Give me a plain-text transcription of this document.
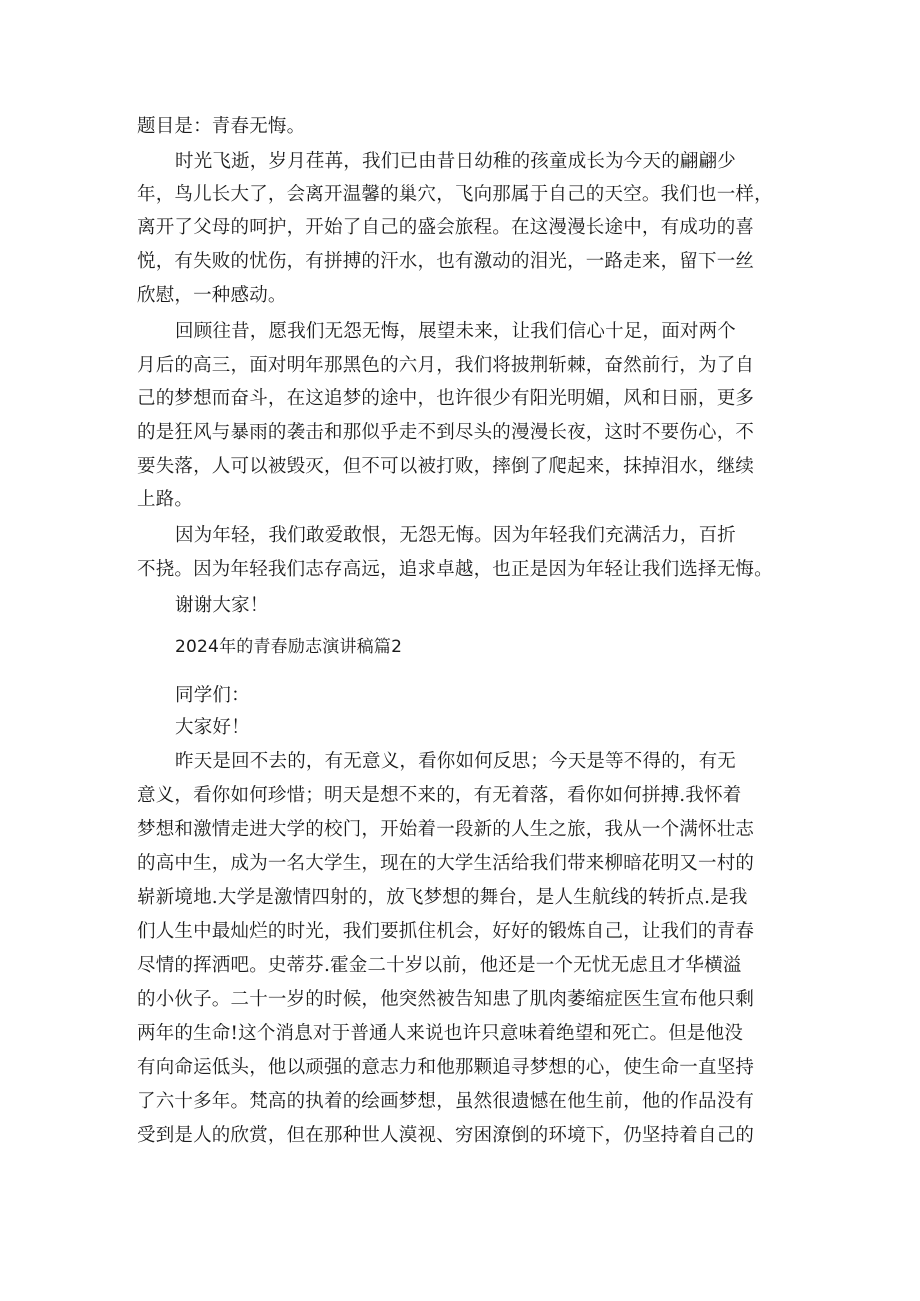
题目是：青春无悔。
时光飞逝，岁月荏苒，我们已由昔日幼稚的孩童成长为今天的翩翩少
年，鸟儿长大了，会离开温馨的巢穴，飞向那属于自己的天空。我们也一样，
离开了父母的呵护，开始了自己的盛会旅程。在这漫漫长途中，有成功的喜
悦，有失败的忧伤，有拼搏的汗水，也有激动的泪光，一路走来，留下一丝
欣慰，一种感动。
回顾往昔，愿我们无怨无悔，展望未来，让我们信心十足，面对两个
月后的高三，面对明年那黑色的六月，我们将披荆斩棘，奋然前行，为了自
己的梦想而奋斗，在这追梦的途中，也许很少有阳光明媚，风和日丽，更多
的是狂风与暴雨的袭击和那似乎走不到尽头的漫漫长夜，这时不要伤心，不
要失落，人可以被毁灭，但不可以被打败，摔倒了爬起来，抹掉泪水，继续
上路。
因为年轻，我们敢爱敢恨，无怨无悔。因为年轻我们充满活力，百折
不挠。因为年轻我们志存高远，追求卓越，也正是因为年轻让我们选择无悔。
谢谢大家！
2024年的青春励志演讲稿篇2
同学们：
大家好！
昨天是回不去的，有无意义，看你如何反思；今天是等不得的，有无
意义，看你如何珍惜；明天是想不来的，有无着落，看你如何拼搏.我怀着
梦想和激情走进大学的校门，开始着一段新的人生之旅，我从一个满怀壮志
的高中生，成为一名大学生，现在的大学生活给我们带来柳暗花明又一村的
崭新境地.大学是激情四射的，放飞梦想的舞台，是人生航线的转折点.是我
们人生中最灿烂的时光，我们要抓住机会，好好的锻炼自己，让我们的青春
尽情的挥洒吧。史蒂芬.霍金二十岁以前，他还是一个无忧无虑且才华横溢
的小伙子。二十一岁的时候，他突然被告知患了肌肉萎缩症医生宣布他只剩
两年的生命!这个消息对于普通人来说也许只意味着绝望和死亡。但是他没
有向命运低头，他以顽强的意志力和他那颗追寻梦想的心，使生命一直坚持
了六十多年。梵高的执着的绘画梦想，虽然很遗憾在他生前，他的作品没有
受到是人的欣赏，但在那种世人漠视、穷困潦倒的环境下，仍坚持着自己的
